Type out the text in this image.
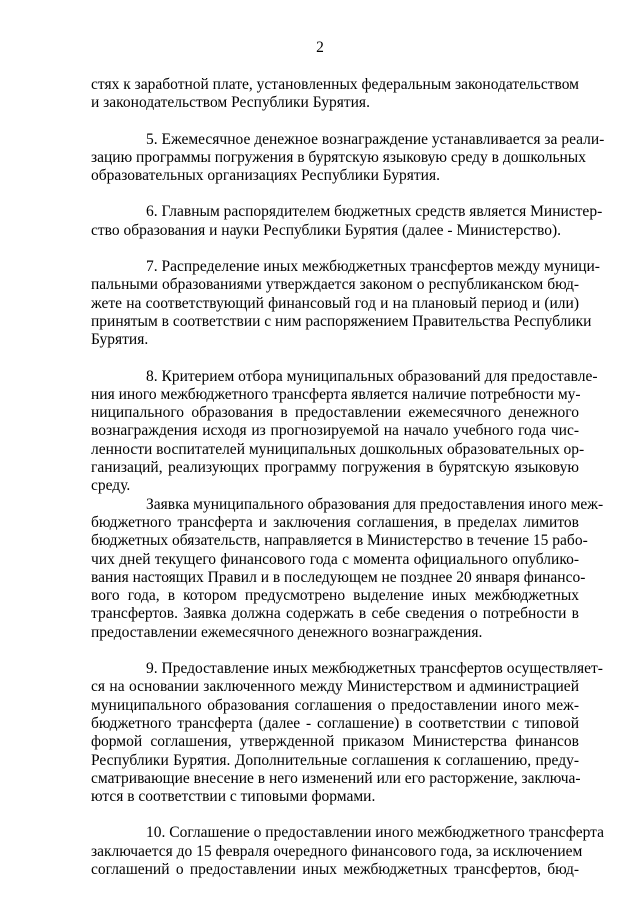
2
стях к заработной плате, установленных федеральным законодательством
и законодательством Республики Бурятия.
5. Ежемесячное денежное вознаграждение устанавливается за реали-
зацию программы погружения в бурятскую языковую среду в дошкольных
образовательных организациях Республики Бурятия.
6. Главным распорядителем бюджетных средств является Министер-
ство образования и науки Республики Бурятия (далее - Министерство).
7. Распределение иных межбюджетных трансфертов между муници-
пальными образованиями утверждается законом о республиканском бюд-
жете на соответствующий финансовый год и на плановый период и (или)
принятым в соответствии с ним распоряжением Правительства Республики
Бурятия.
8. Критерием отбора муниципальных образований для предоставле-
ния иного межбюджетного трансферта является наличие потребности му-
ниципального образования в предоставлении ежемесячного денежного
вознаграждения исходя из прогнозируемой на начало учебного года чис-
ленности воспитателей муниципальных дошкольных образовательных ор-
ганизаций, реализующих программу погружения в бурятскую языковую
среду.
Заявка муниципального образования для предоставления иного меж-
бюджетного трансферта и заключения соглашения, в пределах лимитов
бюджетных обязательств, направляется в Министерство в течение 15 рабо-
чих дней текущего финансового года с момента официального опублико-
вания настоящих Правил и в последующем не позднее 20 января финансо-
вого года, в котором предусмотрено выделение иных межбюджетных
трансфертов. Заявка должна содержать в себе сведения о потребности в
предоставлении ежемесячного денежного вознаграждения.
9. Предоставление иных межбюджетных трансфертов осуществляет-
ся на основании заключенного между Министерством и администрацией
муниципального образования соглашения о предоставлении иного меж-
бюджетного трансферта (далее - соглашение) в соответствии с типовой
формой соглашения, утвержденной приказом Министерства финансов
Республики Бурятия. Дополнительные соглашения к соглашению, преду-
сматривающие внесение в него изменений или его расторжение, заключа-
ются в соответствии с типовыми формами.
10. Соглашение о предоставлении иного межбюджетного трансферта
заключается до 15 февраля очередного финансового года, за исключением
соглашений о предоставлении иных межбюджетных трансфертов, бюд-
